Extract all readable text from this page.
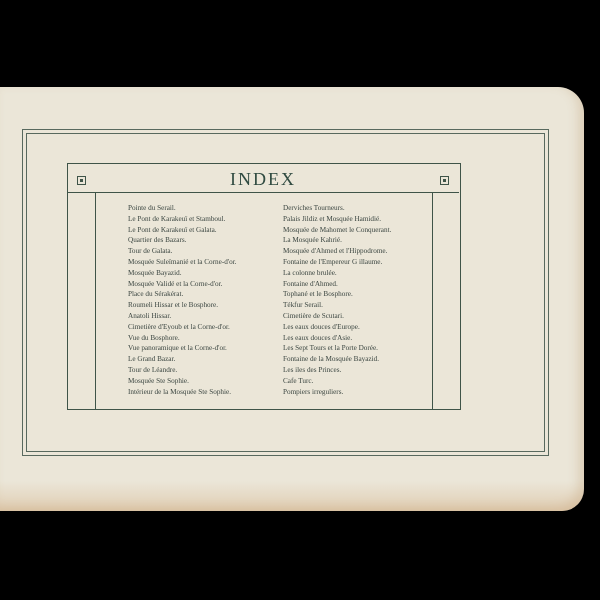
INDEX
Pointe du Serail.
Le Pont de Karakeuï et Stamboul.
Le Pont de Karakeuï et Galata.
Quartier des Bazars.
Tour de Galata.
Mosquée Suleïmanié et la Corne-d'or.
Mosquée Bayazid.
Mosquée Validé et la Corne-d'or.
Place du Sérakérat.
Roumeli Hissar et le Bosphore.
Anatoli Hissar.
Cimetière d'Eyoub et la Corne-d'or.
Vue du Bosphore.
Vue panoramique et la Corne-d'or.
Le Grand Bazar.
Tour de Léandre.
Mosquée Ste Sophie.
Intérieur de la Mosquée Ste Sophie.
Derviches Tourneurs.
Palais Jildiz et Mosquée Hamidié.
Mosquée de Mahomet le Conquerant.
La Mosquée Kahrié.
Mosquée d'Ahmed et l'Hippodrome.
Fontaine de l'Empereur G illaume.
La colonne brulée.
Fontaine d'Ahmed.
Tophané et le Bosphore.
Tékfur Serail.
Cimetière de Scutari.
Les eaux douces d'Europe.
Les eaux douces d'Asie.
Les Sept Tours et la Porte Dorée.
Fontaine de la Mosquée Bayazid.
Les iles des Princes.
Cafe Turc.
Pompiers irreguliers.
